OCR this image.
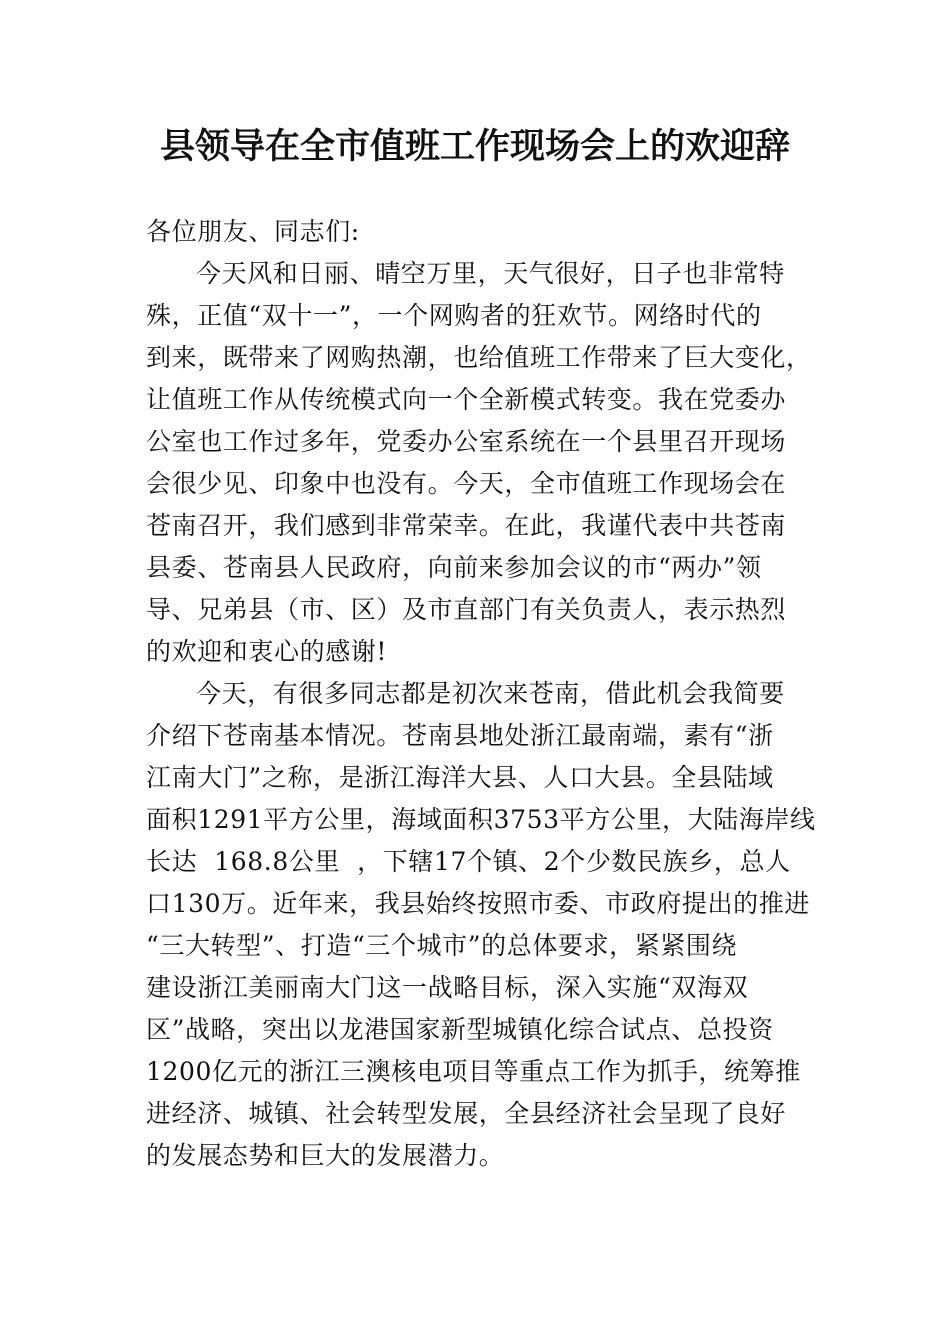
县领导在全市值班工作现场会上的欢迎辞

各位朋友、同志们:

今天风和日丽、晴空万里，天气很好，日子也非常特

殊，正值“双十一”，一个网购者的狂欢节。网络时代的

到来，既带来了网购热潮，也给值班工作带来了巨大变化，

让值班工作从传统模式向一个全新模式转变。我在党委办

公室也工作过多年，党委办公室系统在一个县里召开现场

会很少见、印象中也没有。今天，全市值班工作现场会在

苍南召开，我们感到非常荣幸。在此，我谨代表中共苍南

县委、苍南县人民政府，向前来参加会议的市“两办”领

导、兄弟县（市、区）及市直部门有关负责人，表示热烈

的欢迎和衷心的感谢!

今天，有很多同志都是初次来苍南，借此机会我简要

介绍下苍南基本情况。苍南县地处浙江最南端，素有“浙

江南大门”之称，是浙江海洋大县、人口大县。全县陆域

面积1291平方公里，海域面积3753平方公里，大陆海岸线

长达  168.8公里  ，下辖17个镇、2个少数民族乡，总人

口130万。近年来，我县始终按照市委、市政府提出的推进

“三大转型”、打造“三个城市”的总体要求，紧紧围绕

建设浙江美丽南大门这一战略目标，深入实施“双海双

区”战略，突出以龙港国家新型城镇化综合试点、总投资

1200亿元的浙江三澳核电项目等重点工作为抓手，统筹推

进经济、城镇、社会转型发展，全县经济社会呈现了良好

的发展态势和巨大的发展潜力。
